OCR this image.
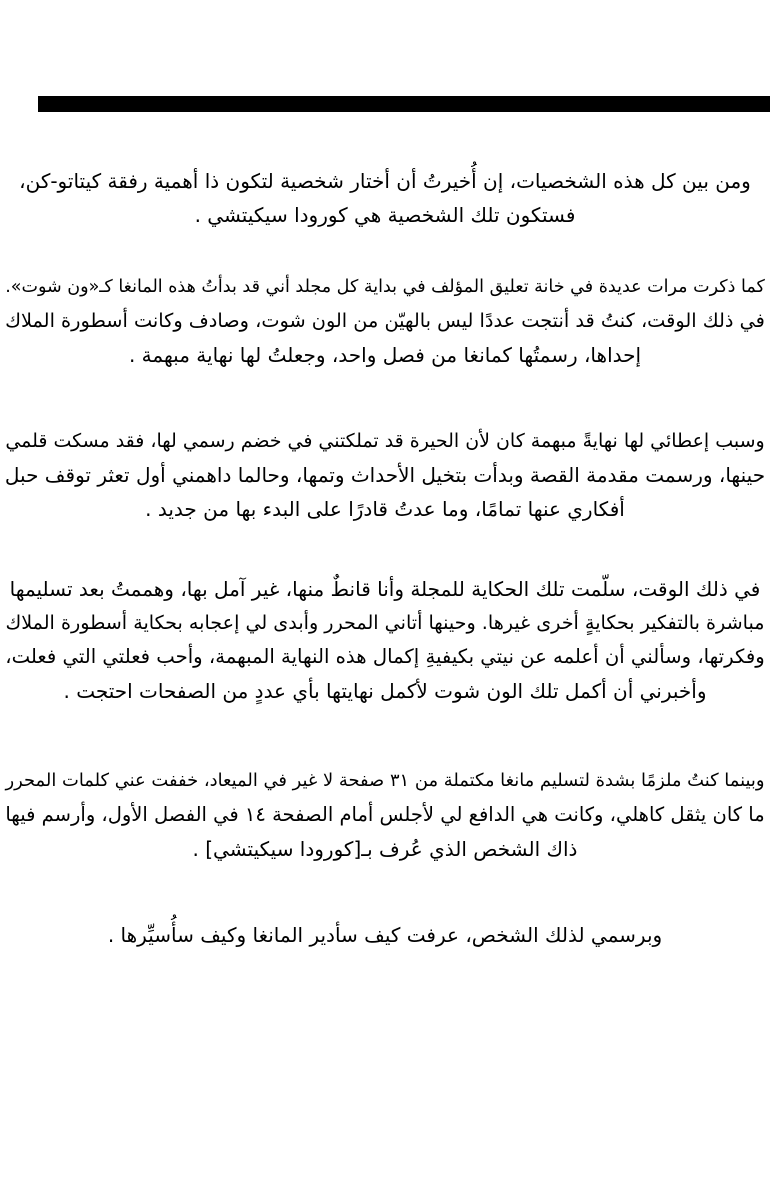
ومن بين كل هذه الشخصيات، إن أُخيرتُ أن أختار شخصية لتكون ذا أهمية رفقة كيتاتو-كن،
فستكون تلك الشخصية هي كورودا سيكيتشي .

كما ذكرت مرات عديدة في خانة تعليق المؤلف في بداية كل مجلد أني قد بدأتُ هذه المانغا كـ«ون شوت».
في ذلك الوقت، كنتُ قد أنتجت عددًا ليس بالهيّن من الون شوت، وصادف وكانت أسطورة الملاك
إحداها، رسمتُها كمانغا من فصل واحد، وجعلتُ لها نهاية مبهمة .

وسبب إعطائي لها نهايةً مبهمة كان لأن الحيرة قد تملكتني في خضم رسمي لها، فقد مسكت قلمي
حينها، ورسمت مقدمة القصة وبدأت بتخيل الأحداث وتمها، وحالما داهمني أول تعثر توقف حبل
أفكاري عنها تمامًا، وما عدتُ قادرًا على البدء بها من جديد .

في ذلك الوقت، سلّمت تلك الحكاية للمجلة وأنا قانطٌ منها، غير آمل بها، وهممتُ بعد تسليمها
مباشرة بالتفكير بحكايةٍ أخرى غيرها. وحينها أتاني المحرر وأبدى لي إعجابه بحكاية أسطورة الملاك
وفكرتها، وسألني أن أعلمه عن نيتي بكيفيةِ إكمال هذه النهاية المبهمة، وأحب فعلتي التي فعلت،
وأخبرني أن أكمل تلك الون شوت لأكمل نهايتها بأي عددٍ من الصفحات احتجت .

وبينما كنتُ ملزمًا بشدة لتسليم مانغا مكتملة من ٣١ صفحة لا غير في الميعاد، خففت عني كلمات المحرر
ما كان يثقل كاهلي، وكانت هي الدافع لي لأجلس أمام الصفحة ١٤ في الفصل الأول، وأرسم فيها
ذاك الشخص الذي عُرف بـ[كورودا سيكيتشي] .

وبرسمي لذلك الشخص، عرفت كيف سأدير المانغا وكيف سأُسيِّرها .
